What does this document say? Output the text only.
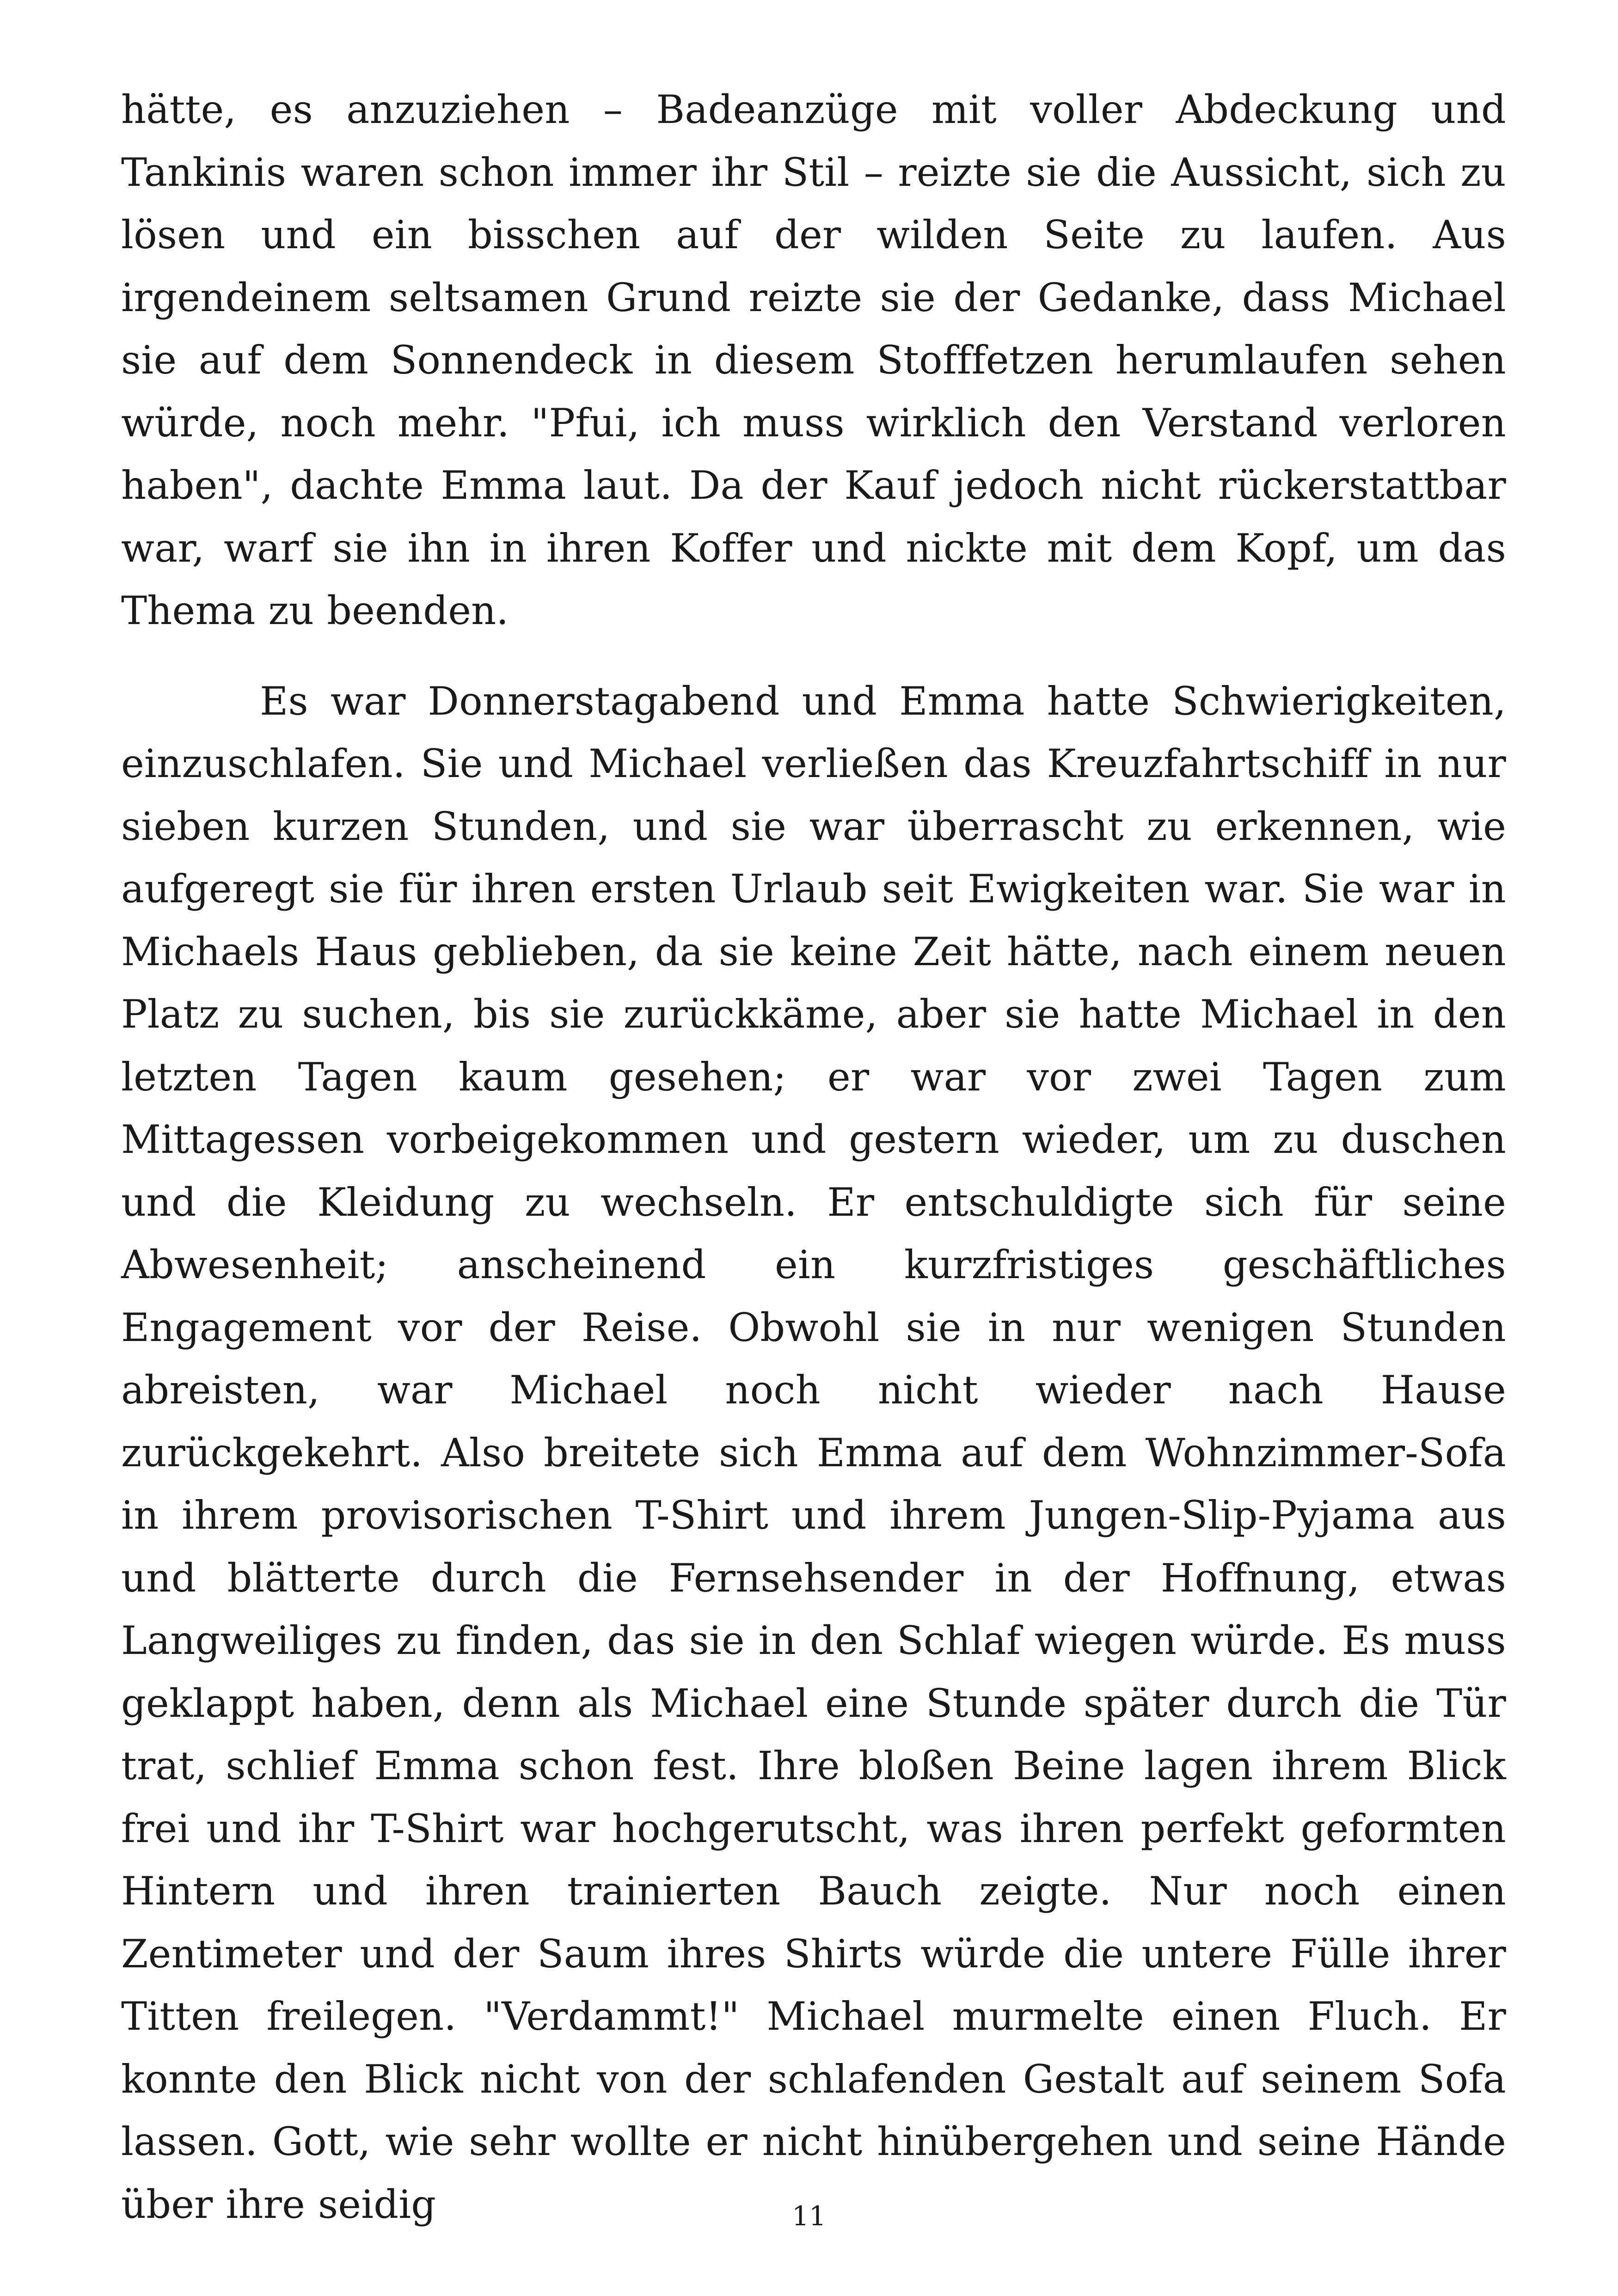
hätte, es anzuziehen – Badeanzüge mit voller Abdeckung und Tankinis waren schon immer ihr Stil – reizte sie die Aussicht, sich zu lösen und ein bisschen auf der wilden Seite zu laufen. Aus irgendeinem seltsamen Grund reizte sie der Gedanke, dass Michael sie auf dem Sonnendeck in diesem Stofffetzen herumlaufen sehen würde, noch mehr. "Pfui, ich muss wirklich den Verstand verloren haben", dachte Emma laut. Da der Kauf jedoch nicht rückerstattbar war, warf sie ihn in ihren Koffer und nickte mit dem Kopf, um das Thema zu beenden.

Es war Donnerstagabend und Emma hatte Schwierigkeiten, einzuschlafen. Sie und Michael verließen das Kreuzfahrtschiff in nur sieben kurzen Stunden, und sie war überrascht zu erkennen, wie aufgeregt sie für ihren ersten Urlaub seit Ewigkeiten war. Sie war in Michaels Haus geblieben, da sie keine Zeit hätte, nach einem neuen Platz zu suchen, bis sie zurückkäme, aber sie hatte Michael in den letzten Tagen kaum gesehen; er war vor zwei Tagen zum Mittagessen vorbeigekommen und gestern wieder, um zu duschen und die Kleidung zu wechseln. Er entschuldigte sich für seine Abwesenheit; anscheinend ein kurzfristiges geschäftliches Engagement vor der Reise. Obwohl sie in nur wenigen Stunden abreisten, war Michael noch nicht wieder nach Hause zurückgekehrt. Also breitete sich Emma auf dem Wohnzimmer-Sofa in ihrem provisorischen T-Shirt und ihrem Jungen-Slip-Pyjama aus und blätterte durch die Fernsehsender in der Hoffnung, etwas Langweiliges zu finden, das sie in den Schlaf wiegen würde. Es muss geklappt haben, denn als Michael eine Stunde später durch die Tür trat, schlief Emma schon fest. Ihre bloßen Beine lagen ihrem Blick frei und ihr T-Shirt war hochgerutscht, was ihren perfekt geformten Hintern und ihren trainierten Bauch zeigte. Nur noch einen Zentimeter und der Saum ihres Shirts würde die untere Fülle ihrer Titten freilegen. "Verdammt!" Michael murmelte einen Fluch. Er konnte den Blick nicht von der schlafenden Gestalt auf seinem Sofa lassen. Gott, wie sehr wollte er nicht hinübergehen und seine Hände über ihre seidig	11
